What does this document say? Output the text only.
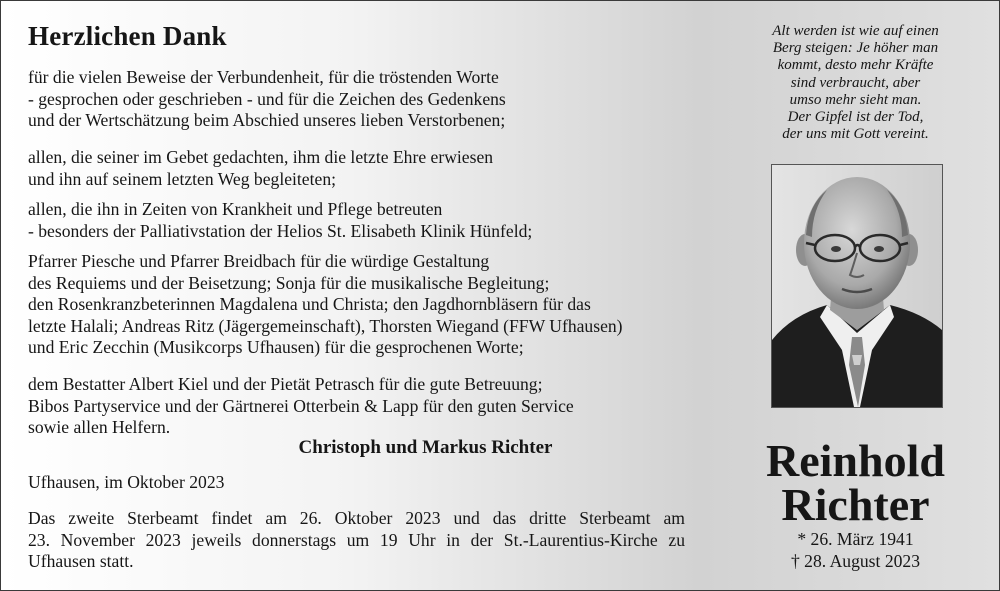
Herzlichen Dank

für die vielen Beweise der Verbundenheit, für die tröstenden Worte
- gesprochen oder geschrieben - und für die Zeichen des Gedenkens
und der Wertschätzung beim Abschied unseres lieben Verstorbenen;

allen, die seiner im Gebet gedachten, ihm die letzte Ehre erwiesen
und ihn auf seinem letzten Weg begleiteten;

allen, die ihn in Zeiten von Krankheit und Pflege betreuten
- besonders der Palliativstation der Helios St. Elisabeth Klinik Hünfeld;

Pfarrer Piesche und Pfarrer Breidbach für die würdige Gestaltung
des Requiems und der Beisetzung; Sonja für die musikalische Begleitung;
den Rosenkranzbeterinnen Magdalena und Christa; den Jagdhornbläsern für das
letzte Halali; Andreas Ritz (Jägergemeinschaft), Thorsten Wiegand (FFW Ufhausen)
und Eric Zecchin (Musikcorps Ufhausen) für die gesprochenen Worte;

dem Bestatter Albert Kiel und der Pietät Petrasch für die gute Betreuung;
Bibos Partyservice und der Gärtnerei Otterbein & Lapp für den guten Service
sowie allen Helfern.

Christoph und Markus Richter

Ufhausen, im Oktober 2023

Das zweite Sterbeamt findet am 26. Oktober 2023 und das dritte Sterbeamt am
23. November 2023 jeweils donnerstags um 19 Uhr in der St.-Laurentius-Kirche zu
Ufhausen statt.

Alt werden ist wie auf einen
Berg steigen: Je höher man
kommt, desto mehr Kräfte
sind verbraucht, aber
umso mehr sieht man.
Der Gipfel ist der Tod,
der uns mit Gott vereint.

Reinhold
Richter

* 26. März 1941
† 28. August 2023
